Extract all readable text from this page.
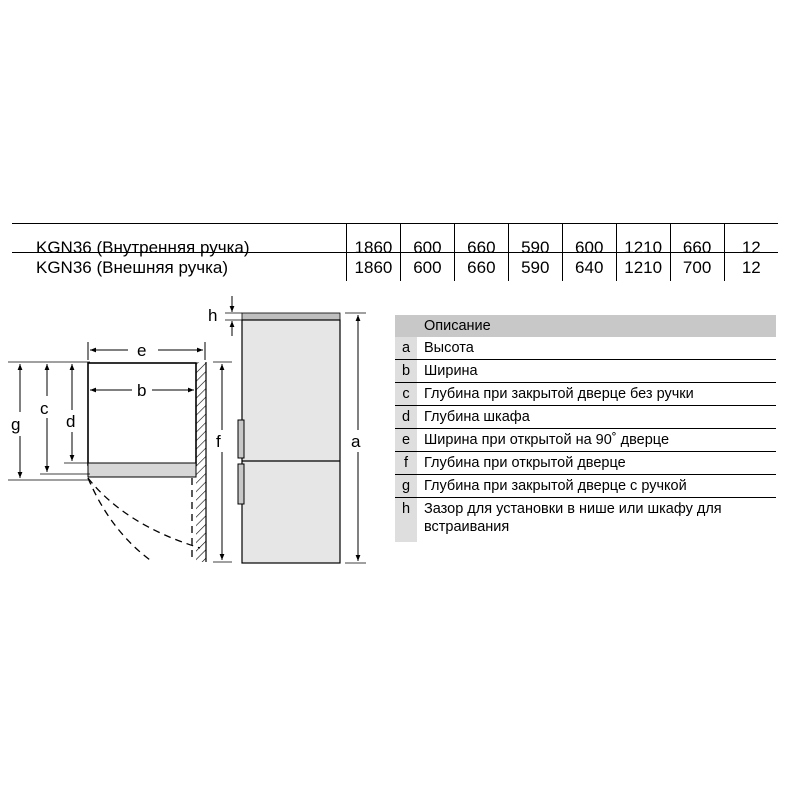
KGN36 (Внутренняя ручка)	1860	600	660	590	600	1210	660	12
KGN36 (Внешняя ручка)	1860	600	660	590	640	1210	700	12
e
b
g
c
d
f
h
a
Описание
a Высота
b Ширина
c Глубина при закрытой дверце без ручки
d Глубина шкафа
e Ширина при открытой на 90˚ дверце
f	Глубина при открытой дверце
g Глубина при закрытой дверце с ручкой
h Зазор для установки в нише или шкафу для встраивания
